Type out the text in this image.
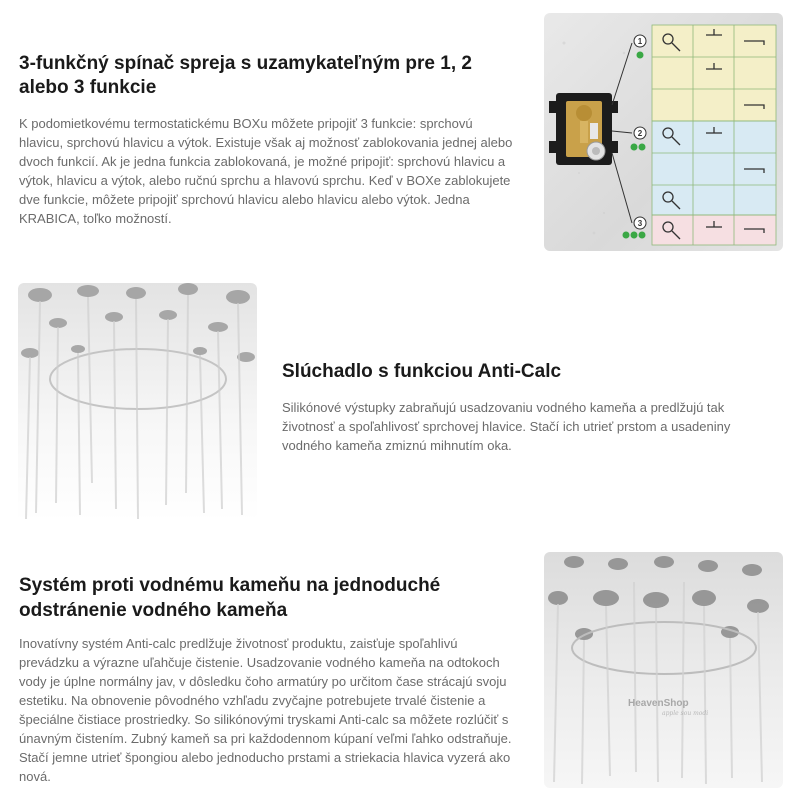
3-funkčný spínač spreja s uzamykateľným pre 1, 2 alebo 3 funkcie
K podomietkovému termostatickému BOXu môžete pripojiť 3 funkcie: sprchovú hlavicu, sprchovú hlavicu a výtok. Existuje však aj možnosť zablokovania jednej alebo dvoch funkcií. Ak je jedna funkcia zablokovaná, je možné pripojiť: sprchovú hlavicu a výtok, hlavicu a výtok, alebo ručnú sprchu a hlavovú sprchu. Keď v BOXe zablokujete dve funkcie, môžete pripojiť sprchovú hlavicu alebo hlavicu alebo výtok. Jedna KRABICA, toľko možností.
1
2
3
Slúchadlo s funkciou Anti-Calc
Silikónové výstupky zabraňujú usadzovaniu vodného kameňa a predlžujú tak životnosť a spoľahlivosť sprchovej hlavice. Stačí ich utrieť prstom a usadeniny vodného kameňa zmiznú mihnutím oka.
Systém proti vodnému kameňu na jednoduché odstránenie vodného kameňa
Inovatívny systém Anti-calc predlžuje životnosť produktu, zaisťuje spoľahlivú prevádzku a výrazne uľahčuje čistenie. Usadzovanie vodného kameňa na odtokoch vody je úplne normálny jav, v dôsledku čoho armatúry po určitom čase strácajú svoju estetiku. Na obnovenie pôvodného vzhľadu zvyčajne potrebujete trvalé čistenie a špeciálne čistiace prostriedky. So silikónovými tryskami Anti-calc sa môžete rozlúčiť s únavným čistením. Zubný kameň sa pri každodennom kúpaní veľmi ľahko odstraňuje. Stačí jemne utrieť špongiou alebo jednoducho prstami a striekacia hlavica vyzerá ako nová.
HeavenShop
apple sou modi
